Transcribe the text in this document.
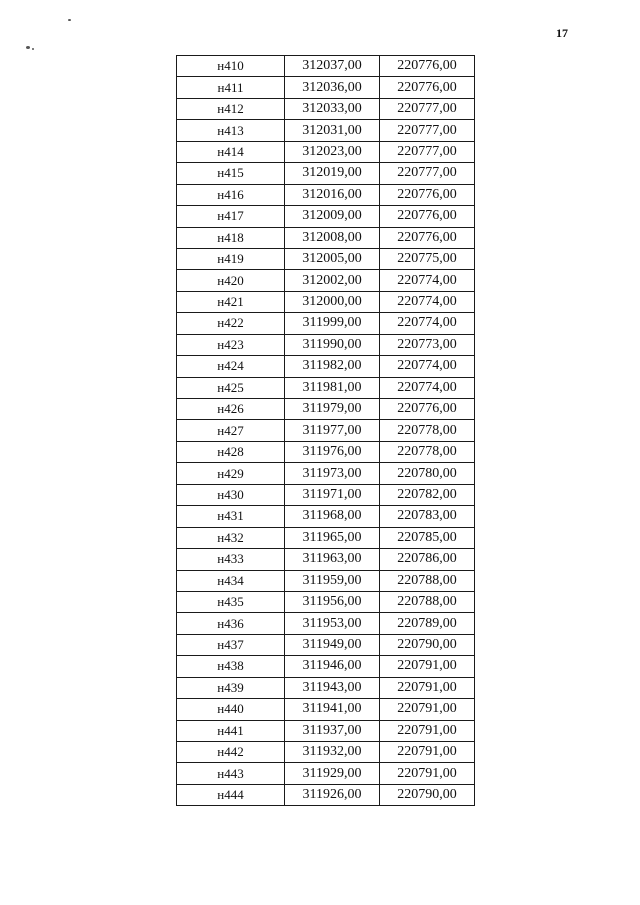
17
н410	312037,00	220776,00
н411	312036,00	220776,00
н412	312033,00	220777,00
н413	312031,00	220777,00
н414	312023,00	220777,00
н415	312019,00	220777,00
н416	312016,00	220776,00
н417	312009,00	220776,00
н418	312008,00	220776,00
н419	312005,00	220775,00
н420	312002,00	220774,00
н421	312000,00	220774,00
н422	311999,00	220774,00
н423	311990,00	220773,00
н424	311982,00	220774,00
н425	311981,00	220774,00
н426	311979,00	220776,00
н427	311977,00	220778,00
н428	311976,00	220778,00
н429	311973,00	220780,00
н430	311971,00	220782,00
н431	311968,00	220783,00
н432	311965,00	220785,00
н433	311963,00	220786,00
н434	311959,00	220788,00
н435	311956,00	220788,00
н436	311953,00	220789,00
н437	311949,00	220790,00
н438	311946,00	220791,00
н439	311943,00	220791,00
н440	311941,00	220791,00
н441	311937,00	220791,00
н442	311932,00	220791,00
н443	311929,00	220791,00
н444	311926,00	220790,00
